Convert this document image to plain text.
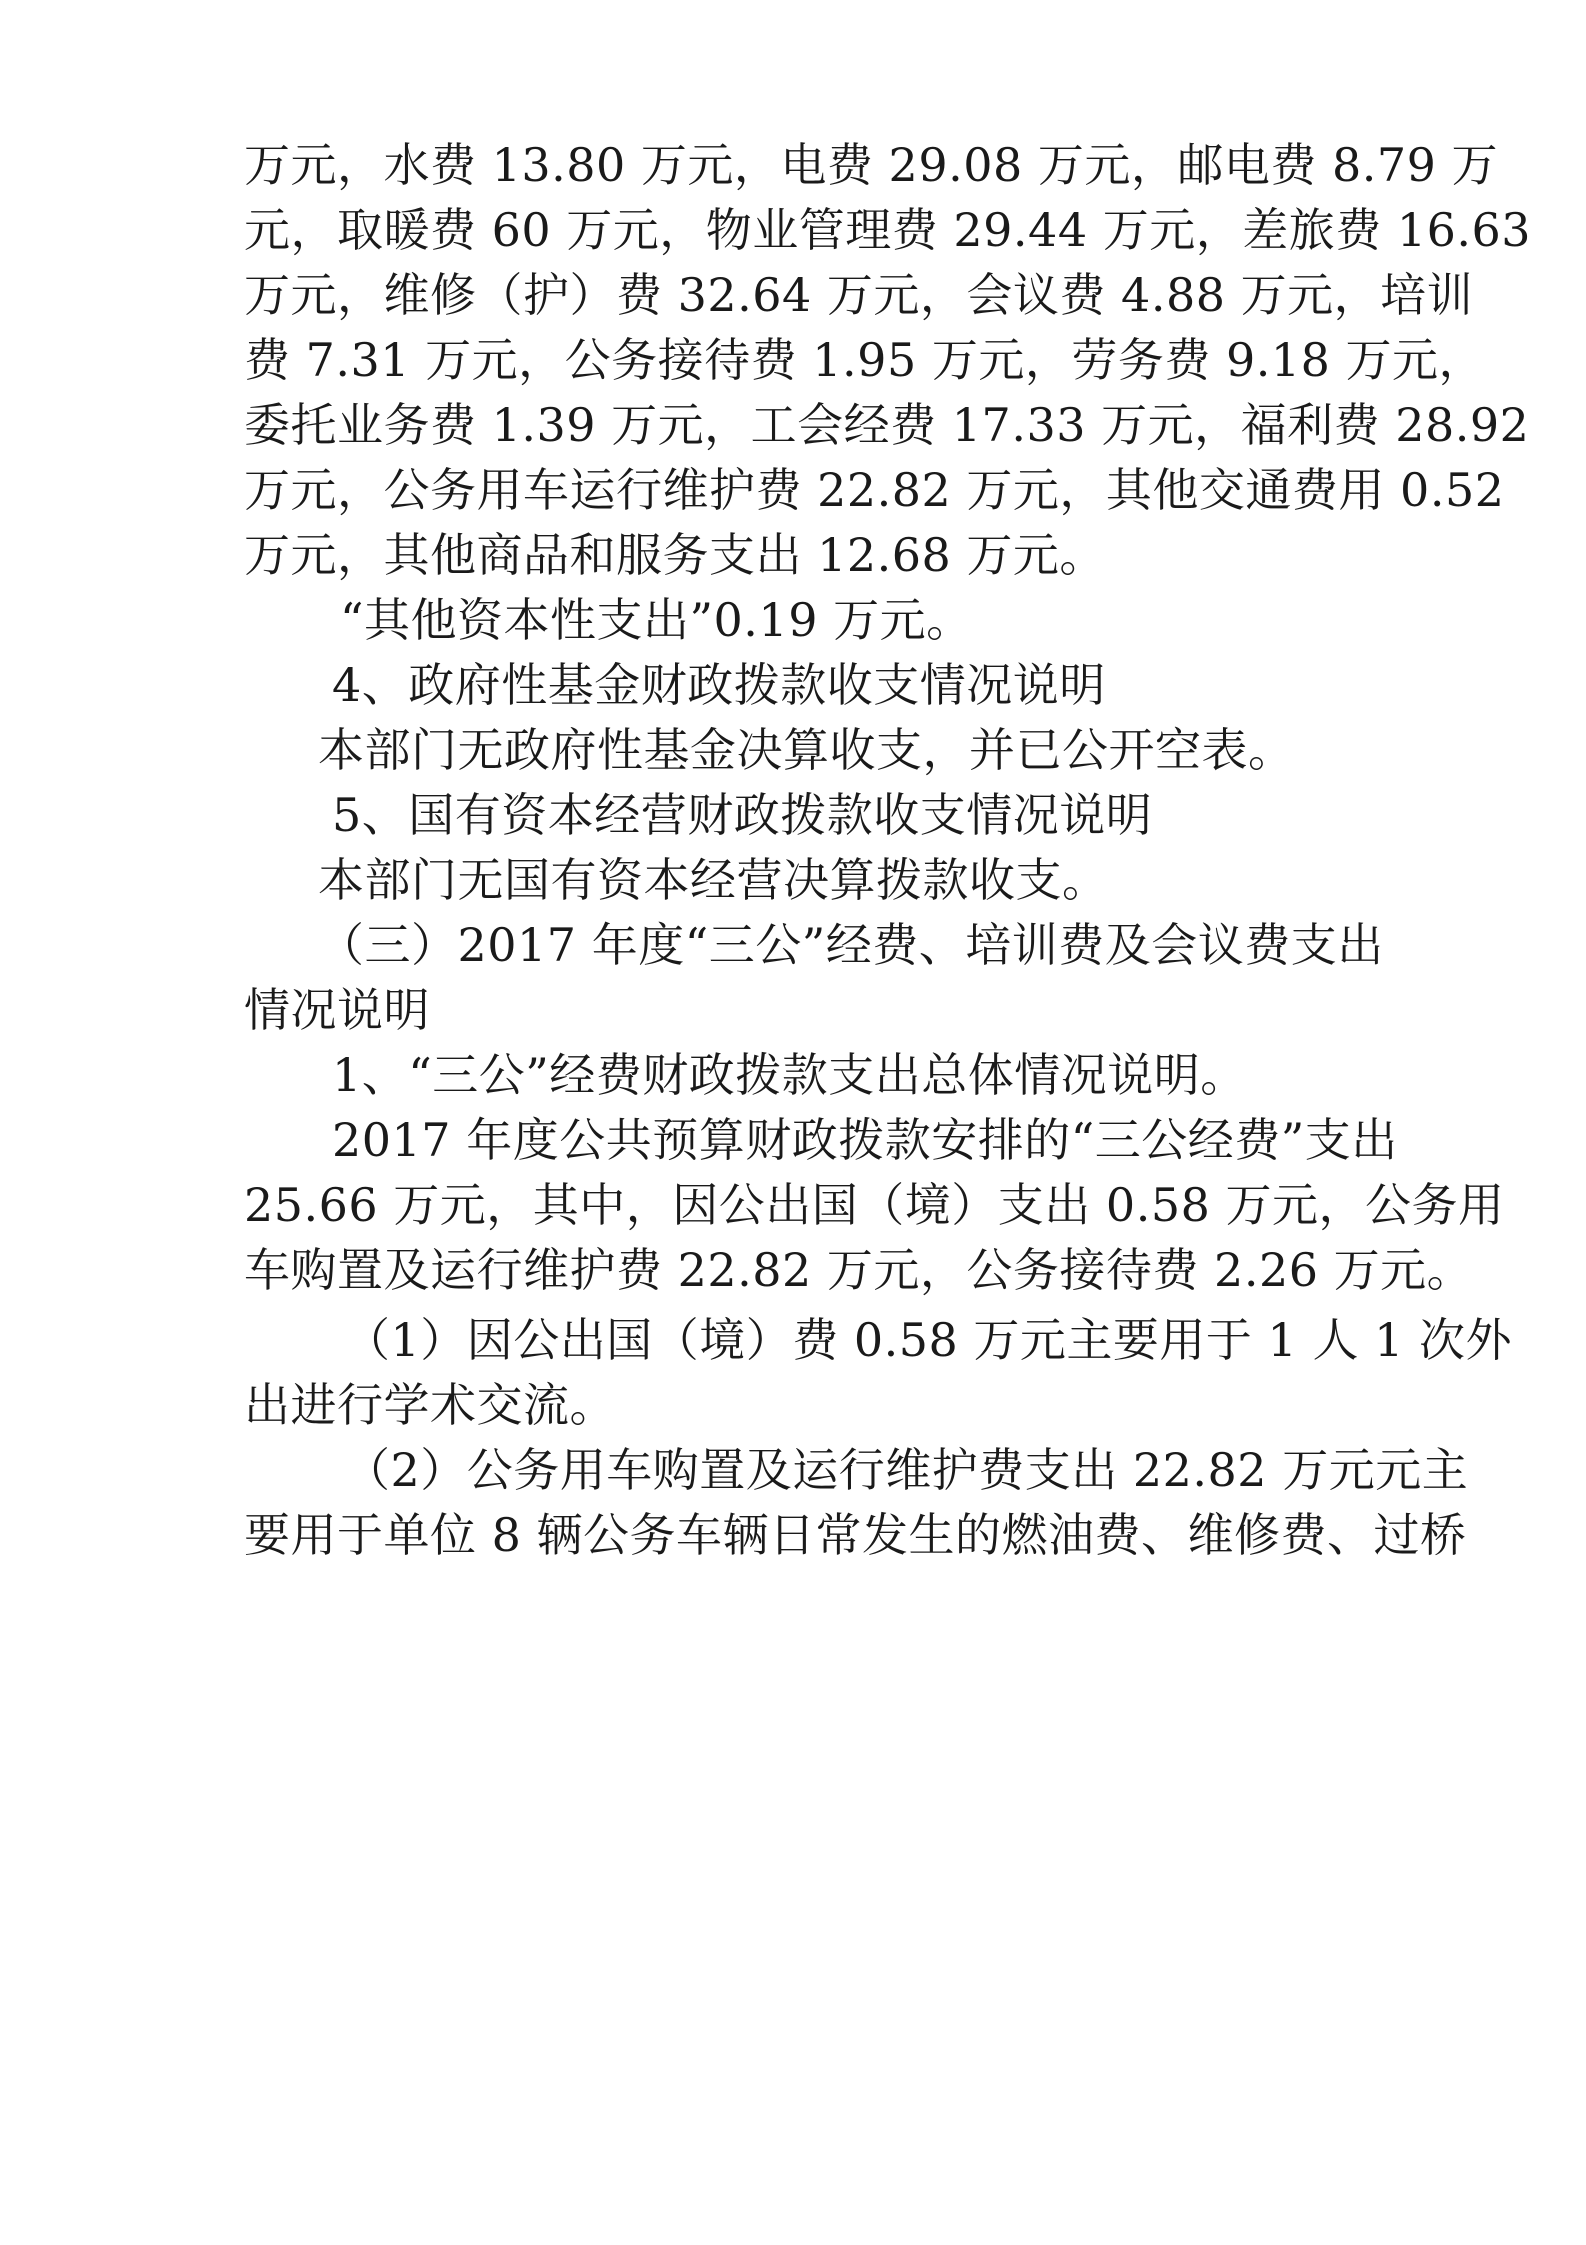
万元，水费 13.80 万元，电费 29.08 万元，邮电费 8.79 万
元，取暖费 60 万元，物业管理费 29.44 万元，差旅费 16.63
万元，维修（护）费 32.64 万元，会议费 4.88 万元，培训
费 7.31 万元，公务接待费 1.95 万元，劳务费 9.18 万元，
委托业务费 1.39 万元，工会经费 17.33 万元，福利费 28.92
万元，公务用车运行维护费 22.82 万元，其他交通费用 0.52
万元，其他商品和服务支出 12.68 万元。
“其他资本性支出”0.19 万元。
4、政府性基金财政拨款收支情况说明
本部门无政府性基金决算收支，并已公开空表。
5、国有资本经营财政拨款收支情况说明
本部门无国有资本经营决算拨款收支。
（三）2017 年度“三公”经费、培训费及会议费支出
情况说明
1、“三公”经费财政拨款支出总体情况说明。
2017 年度公共预算财政拨款安排的“三公经费”支出
25.66 万元，其中，因公出国（境）支出 0.58 万元，公务用
车购置及运行维护费 22.82 万元，公务接待费 2.26 万元。
（1）因公出国（境）费 0.58 万元主要用于 1 人 1 次外
出进行学术交流。
（2）公务用车购置及运行维护费支出 22.82 万元元主
要用于单位 8 辆公务车辆日常发生的燃油费、维修费、过桥
